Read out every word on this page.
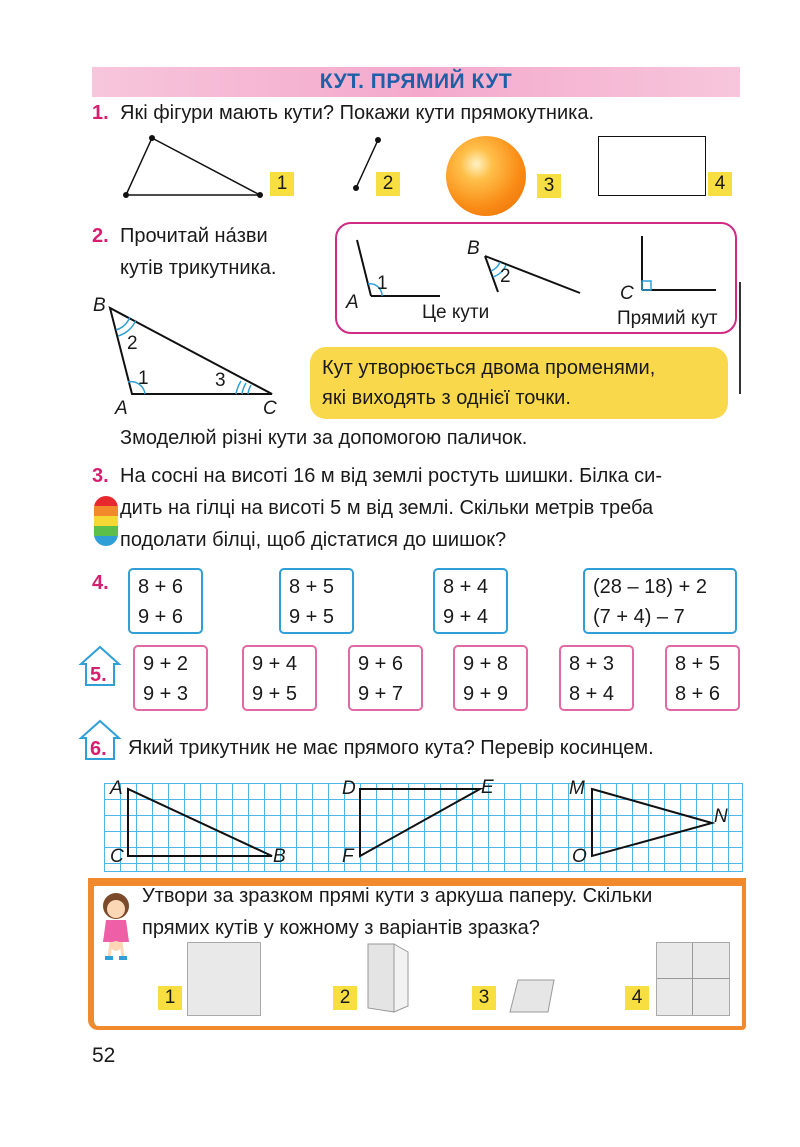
КУТ. ПРЯМИЙ КУТ
1. Які фігури мають кути? Покажи кути прямокутника.
1	2	3	4
2. Прочитай на́зви
кутів трикутника.
B
A	C
1
2
3
A
1
B
2
C
Це кути	Прямий кут
Кут утворюється двома променями,
які виходять з однієї точки.
Змоделюй різні кути за допомогою паличок.
3. На сосні на висоті 16 м від землі ростуть шишки. Білка си-
дить на гілці на висоті 5 м від землі. Скільки метрів треба
подолати білці, щоб дістатися до шишок?
4. 8 + 6
9 + 6
8 + 5
9 + 5
8 + 4
9 + 4
(28 – 18) + 2
(7 + 4) – 7
5. 9 + 2
9 + 3
9 + 4
9 + 5
9 + 6
9 + 7
9 + 8
9 + 9
8 + 3
8 + 4
8 + 5
8 + 6
6. Який трикутник не має прямого кута? Перевір косинцем.
A
C	B
D	E
F
M
N
O
Утвори за зразком прямі кути з аркуша паперу. Скільки
прямих кутів у кожному з варіантів зразка?
1	2	3	4
52
